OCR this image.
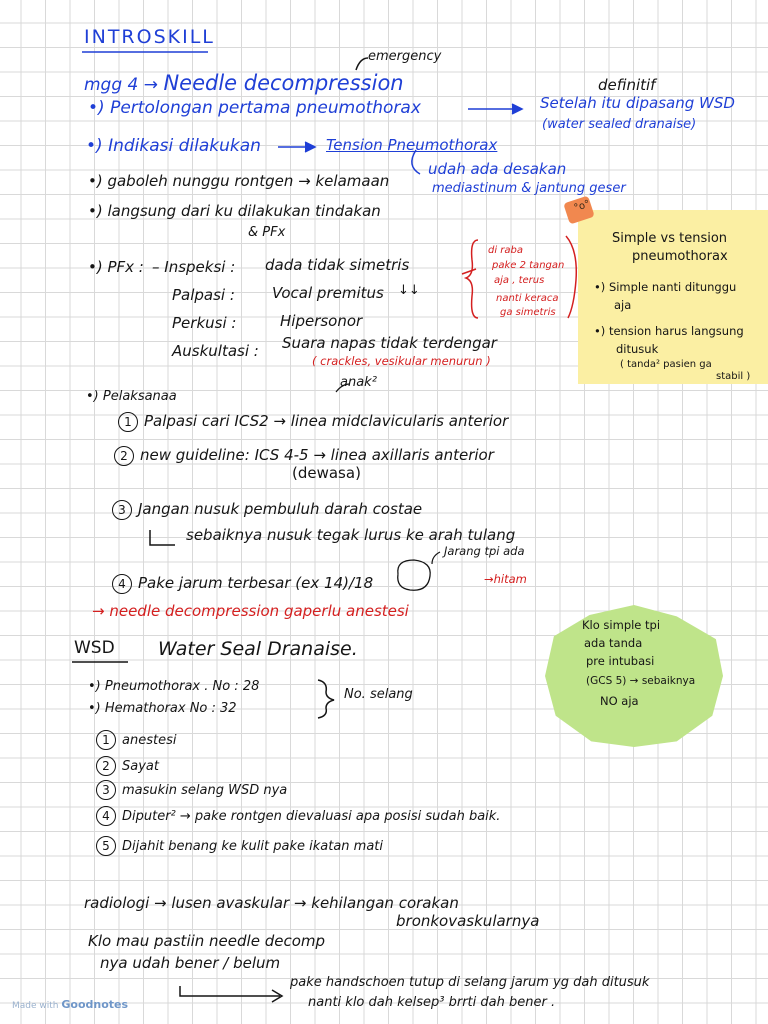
°o°
INTROSKILL
emergency
mgg 4 → Needle decompression	definitif
•) Pertolongan pertama pneumothorax	Setelah itu dipasang WSD
(water sealed dranaise)
•) Indikasi dilakukan	Tension Pneumothorax
udah ada desakan
mediastinum & jantung geser
•) gaboleh nunggu rontgen → kelamaan
•) langsung dari ku dilakukan tindakan
& PFx
•) PFx : – Inspeksi : dada tidak simetris
Palpasi : Vocal premitus ↓↓
Perkusi :	Hipersonor
Auskultasi : Suara napas tidak terdengar
( crackles, vesikular menurun )
di raba
pake 2 tangan
aja , terus
nanti keraca
ga simetris
Simple vs tension
pneumothorax
•) Simple nanti ditunggu
aja
•) tension harus langsung
ditusuk
( tanda² pasien ga
stabil )
anak²
•) Pelaksanaa
1 Palpasi cari ICS2 → linea midclavicularis anterior
2 new guideline: ICS 4-5 → linea axillaris anterior
(dewasa)
3 Jangan nusuk pembuluh darah costae
sebaiknya nusuk tegak lurus ke arah tulang
Jarang tpi ada
4 Pake jarum terbesar (ex 14)/18	→hitam
→ needle decompression gaperlu anestesi
Klo simple tpi
ada tanda
pre intubasi
(GCS 5) → sebaiknya
NO aja
WSD Water Seal Dranaise.
•) Pneumothorax . No : 28
•) Hemathorax No : 32
No. selang
1 anestesi
2 Sayat
3 masukin selang WSD nya
4 Diputer² → pake rontgen dievaluasi apa posisi sudah baik.
5 Dijahit benang ke kulit pake ikatan mati
radiologi → lusen avaskular → kehilangan corakan
bronkovaskularnya
Klo mau pastiin needle decomp
nya udah bener / belum
pake handschoen tutup di selang jarum yg dah ditusuk
nanti klo dah kelsep³ brrti dah bener .
Made with Goodnotes
